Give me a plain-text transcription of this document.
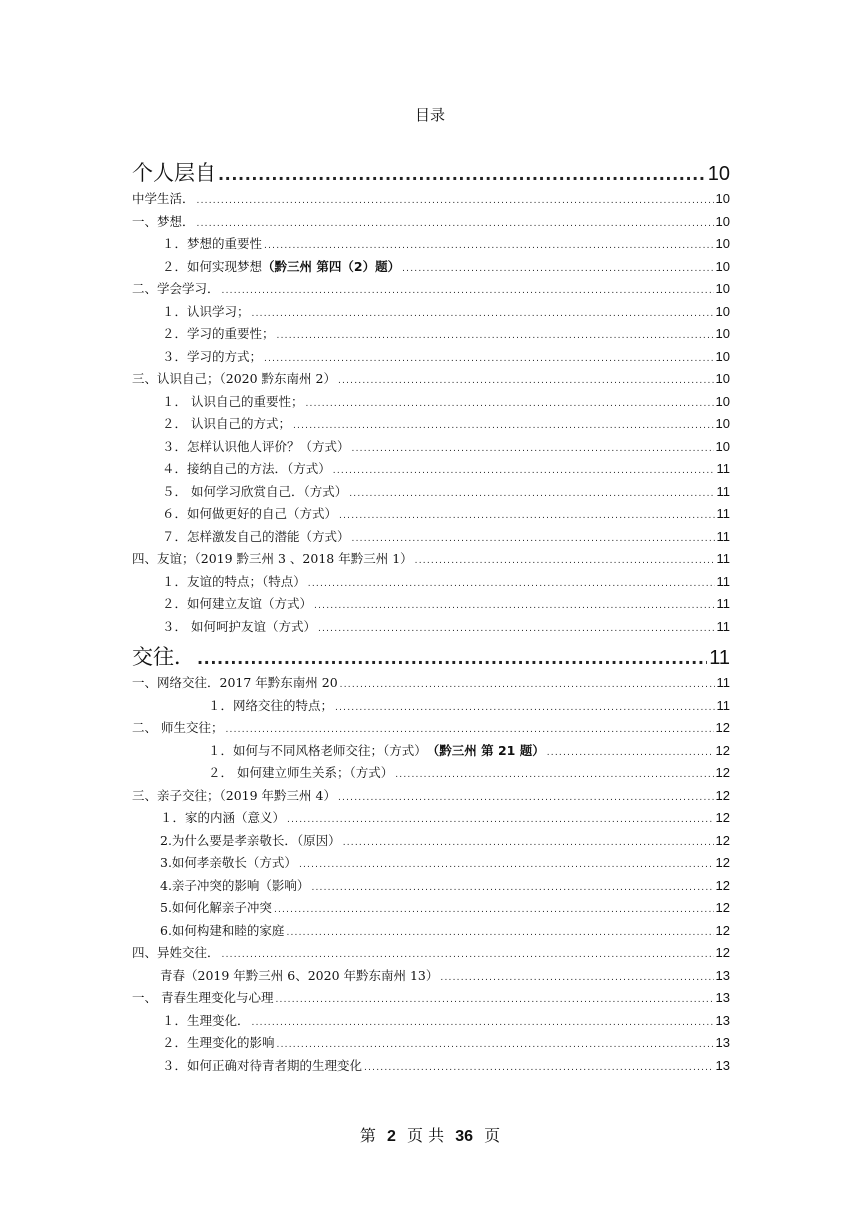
目录
个人层自 .....	10
中学生活． .....	10
一、梦想． .....	10
１．梦想的重要性 .....	10
２．如何实现梦想 （黔三州 第四（2）题） .....	10
二、学会学习． .....	10
１．认识学习； .....	10
２．学习的重要性； .....	10
３．学习的方式； .....	10
三、认识自己；（2020 黔东南州 2） .....	10
１． 认识自己的重要性； .....	10
２． 认识自己的方式； .....	10
３．怎样认识他人评价？（方式） .....	10
４．接纳自己的方法．（方式） .....	11
５． 如何学习欣赏自己．（方式） .....	11
６．如何做更好的自己（方式） .....	11
７．怎样激发自己的潜能（方式） .....	11
四、友谊；（2019 黔三州 3 、2018 年黔三州 1） .....	11
１．友谊的特点；（特点） .....	11
２．如何建立友谊（方式） .....	11
３． 如何呵护友谊（方式） .....	11
交往． .....	11
一、网络交往．2017 年黔东南州 20 .....	11
１．网络交往的特点； .....	11
二、 师生交往； .....	12
１．如何与不同风格老师交往；（方式） （黔三州 第 21 题） .....	12
２． 如何建立师生关系；（方式） .....	12
三、亲子交往；（2019 年黔三州 4） .....	12
１．家的内涵（意义） .....	12
2.为什么要是孝亲敬长．（原因） .....	12
3.如何孝亲敬长（方式） .....	12
4.亲子冲突的影响（影响） .....	12
5.如何化解亲子冲突 .....	12
6.如何构建和睦的家庭 .....	12
四、异姓交往． .....	12
青春（2019 年黔三州 6、2020 年黔东南州 13） .....	13
一、 青春生理变化与心理 .....	13
１．生理变化． .....	13
２．生理变化的影响 .....	13
３．如何正确对待青者期的生理变化 .....	13
第 2 页 共 36 页
